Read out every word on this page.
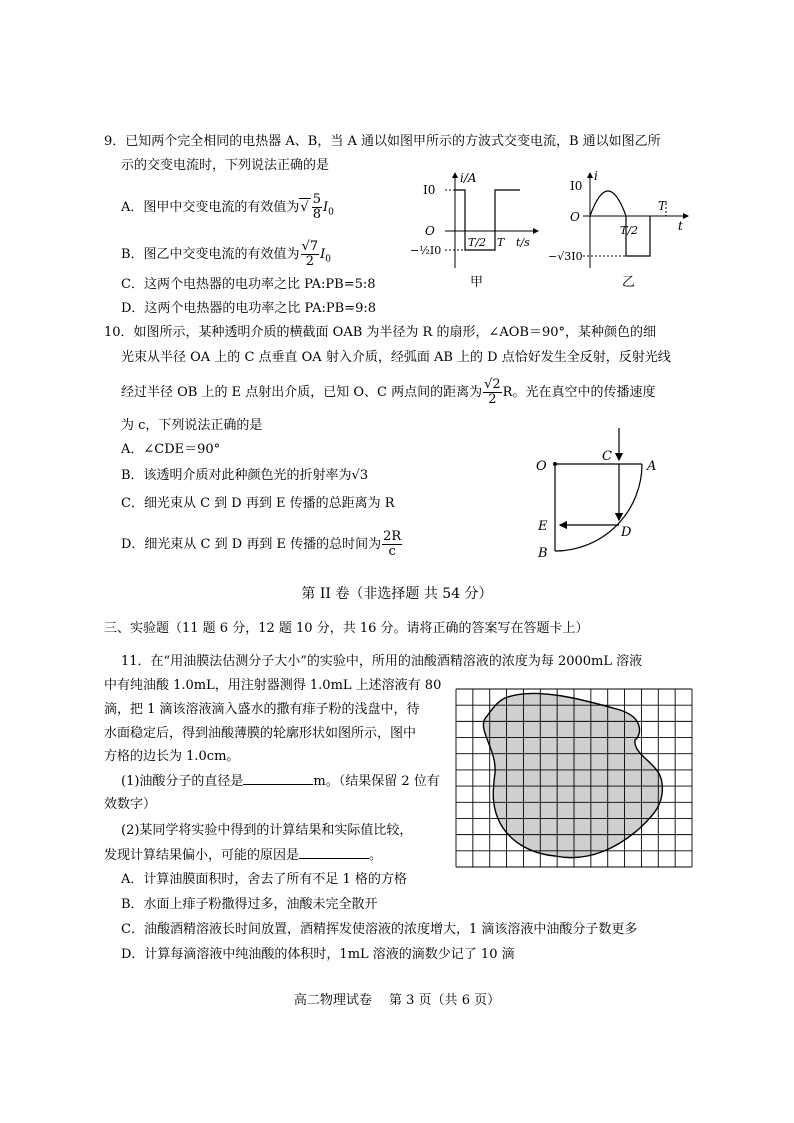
9．已知两个完全相同的电热器 A、B，当 A 通以如图甲所示的方波式交变电流，B 通以如图乙所
示的交变电流时，下列说法正确的是
A．图甲中交变电流的有效值为√ $\frac{5}{8} I_0$
B．图乙中交变电流的有效值为 $\frac{√7}{2} I_0$
C．这两个电热器的电功率之比 PA:PB=5:8
D．这两个电热器的电功率之比 PA:PB=9:8
i/A
I0
O
−½I0
T/2 T t/s
甲
i
I0
O
−√3I0
T/2
T
t
乙
10．如图所示，某种透明介质的横截面 OAB 为半径为 R 的扇形，∠AOB＝90°，某种颜色的细
光束从半径 OA 上的 C 点垂直 OA 射入介质，经弧面 AB 上的 D 点恰好发生全反射，反射光线
经过半径 OB 上的 E 点射出介质，已知 O、C 两点间的距离为 $\frac{√2}{2}$ R。光在真空中的传播速度
为 c，下列说法正确的是
A．∠CDE＝90°
B．该透明介质对此种颜色光的折射率为√3
C．细光束从 C 到 D 再到 E 传播的总距离为 R
D．细光束从 C 到 D 再到 E 传播的总时间为 $\frac{2R}{c}$
O
C
A
E	D
B
第 II 卷（非选择题 共 54 分）
三、实验题（11 题 6 分，12 题 10 分，共 16 分。请将正确的答案写在答题卡上）
11．在“用油膜法估测分子大小”的实验中，所用的油酸酒精溶液的浓度为每 2000mL 溶液
中有纯油酸 1.0mL，用注射器测得 1.0mL 上述溶液有 80
滴，把 1 滴该溶液滴入盛水的撒有痱子粉的浅盘中，待
水面稳定后，得到油酸薄膜的轮廓形状如图所示，图中
方格的边长为 1.0cm。
(1)油酸分子的直径是	m。（结果保留 2 位有
效数字）
(2)某同学将实验中得到的计算结果和实际值比较，
发现计算结果偏小，可能的原因是	。
A．计算油膜面积时，舍去了所有不足 1 格的方格
B．水面上痱子粉撒得过多，油酸未完全散开
C．油酸酒精溶液长时间放置，酒精挥发使溶液的浓度增大，1 滴该溶液中油酸分子数更多
D．计算每滴溶液中纯油酸的体积时，1mL 溶液的滴数少记了 10 滴
高二物理试卷　 第 3 页（共 6 页）
